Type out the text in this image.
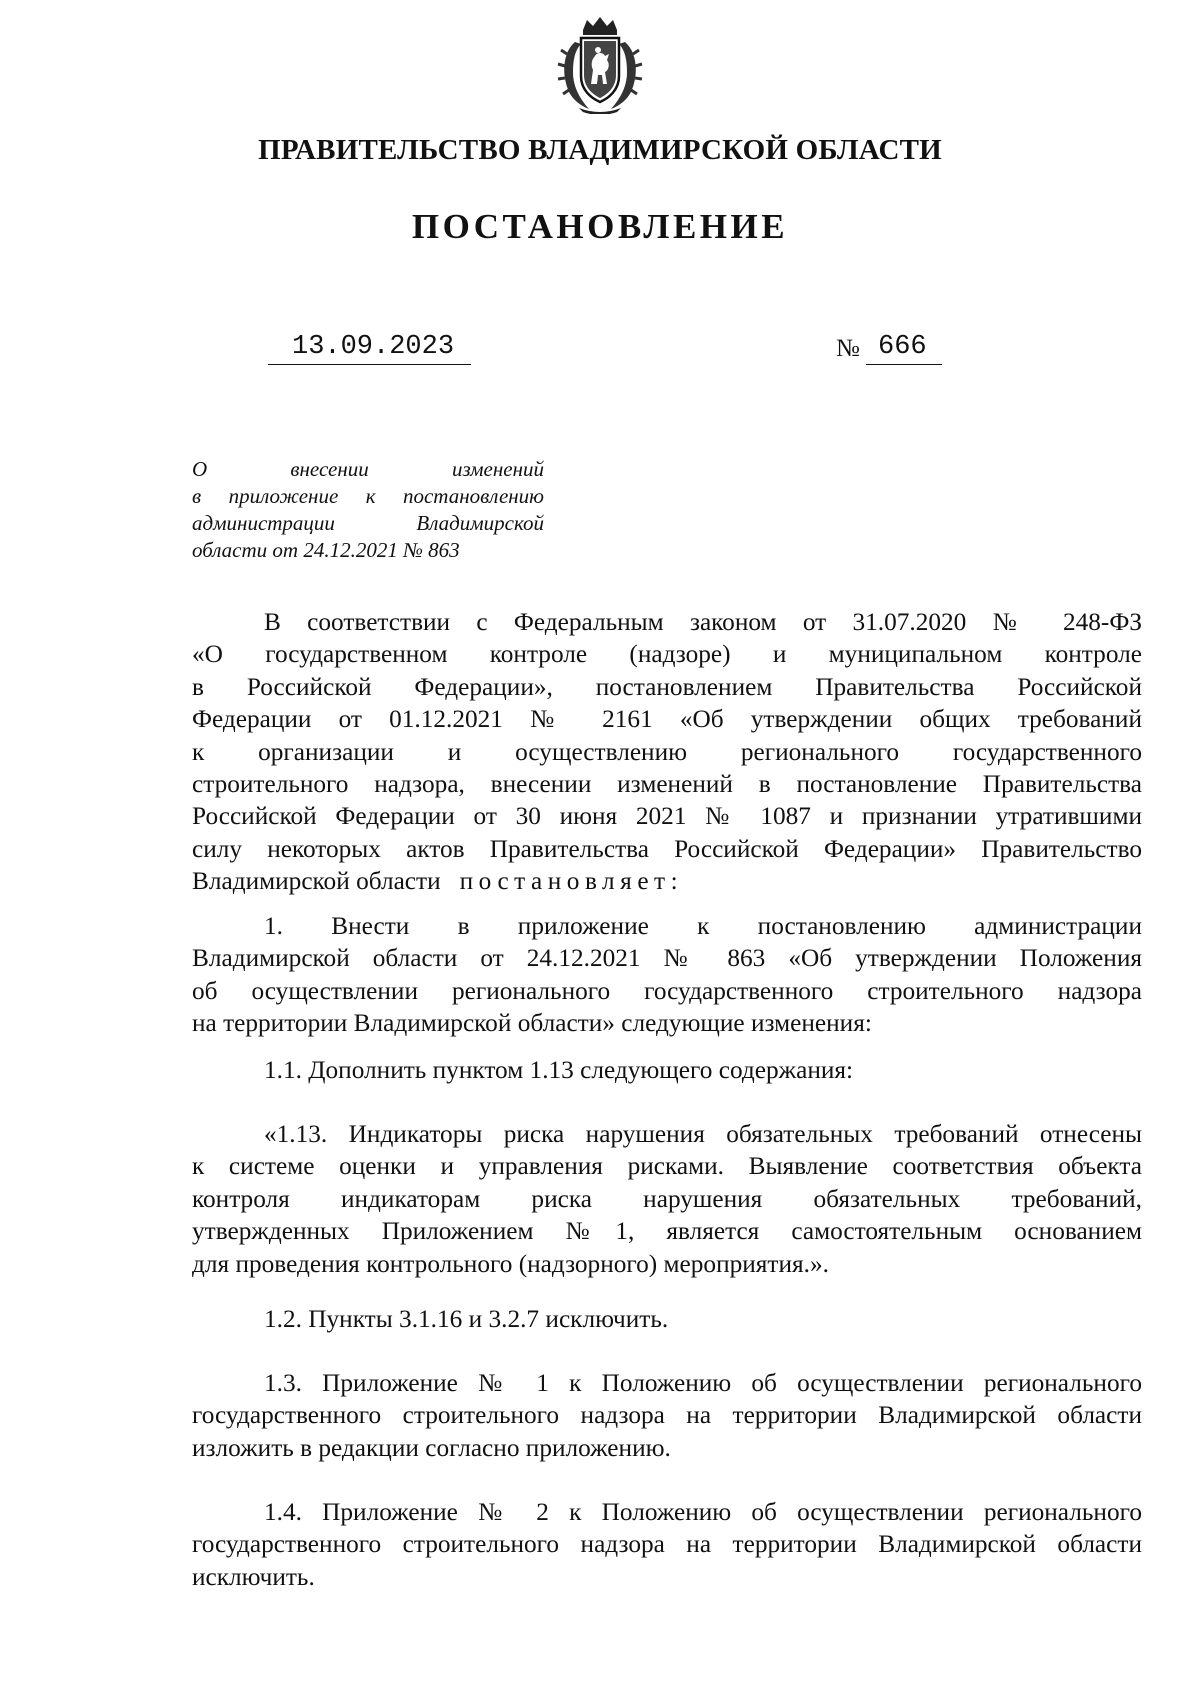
ПРАВИТЕЛЬСТВО ВЛАДИМИРСКОЙ ОБЛАСТИ
ПОСТАНОВЛЕНИЕ
13.09.2023	№ 666
О внесении изменений
в приложение к постановлению
администрации Владимирской
области от 24.12.2021 № 863
В соответствии с Федеральным законом от 31.07.2020 № 248-ФЗ
«О государственном контроле (надзоре) и муниципальном контроле
в Российской Федерации», постановлением Правительства Российской
Федерации от 01.12.2021 № 2161 «Об утверждении общих требований
к организации и осуществлению регионального государственного
строительного надзора, внесении изменений в постановление Правительства
Российской Федерации от 30 июня 2021 № 1087 и признании утратившими
силу некоторых актов Правительства Российской Федерации» Правительство
Владимирской области постановляет:
1. Внести в приложение к постановлению администрации
Владимирской области от 24.12.2021 № 863 «Об утверждении Положения
об осуществлении регионального государственного строительного надзора
на территории Владимирской области» следующие изменения:
1.1. Дополнить пунктом 1.13 следующего содержания:
«1.13. Индикаторы риска нарушения обязательных требований отнесены
к системе оценки и управления рисками. Выявление соответствия объекта
контроля индикаторам риска нарушения обязательных требований,
утвержденных Приложением №1, является самостоятельным основанием
для проведения контрольного (надзорного) мероприятия.».
1.2. Пункты 3.1.16 и 3.2.7 исключить.
1.3. Приложение № 1 к Положению об осуществлении регионального
государственного строительного надзора на территории Владимирской области
изложить в редакции согласно приложению.
1.4. Приложение № 2 к Положению об осуществлении регионального
государственного строительного надзора на территории Владимирской области
исключить.
